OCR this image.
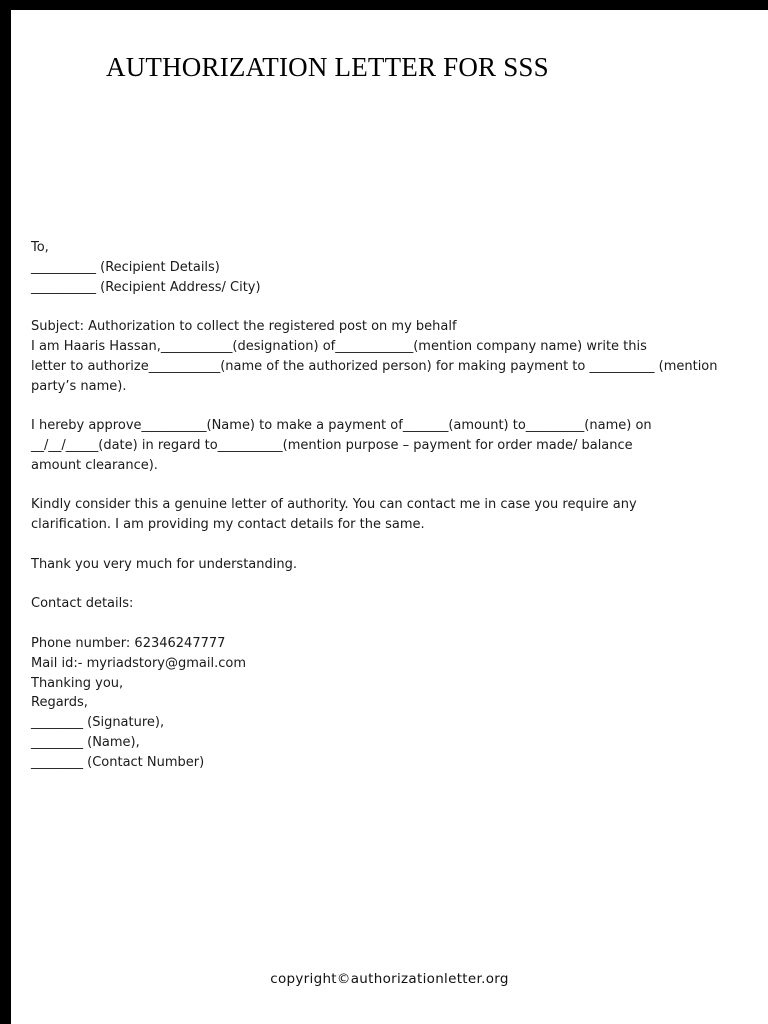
AUTHORIZATION LETTER FOR SSS
To,
__________ (Recipient Details)
__________ (Recipient Address/ City)
Subject: Authorization to collect the registered post on my behalf
I am Haaris Hassan,___________(designation) of____________(mention company name) write this
letter to authorize___________(name of the authorized person) for making payment to __________ (mention
party’s name).
I hereby approve__________(Name) to make a payment of_______(amount) to_________(name) on
__/__/_____(date) in regard to__________(mention purpose – payment for order made/ balance
amount clearance).
Kindly consider this a genuine letter of authority. You can contact me in case you require any
clarification. I am providing my contact details for the same.
Thank you very much for understanding.
Contact details:
Phone number: 62346247777
Mail id:- myriadstory@gmail.com
Thanking you,
Regards,
________ (Signature),
________ (Name),
________ (Contact Number)
copyright©authorizationletter.org
